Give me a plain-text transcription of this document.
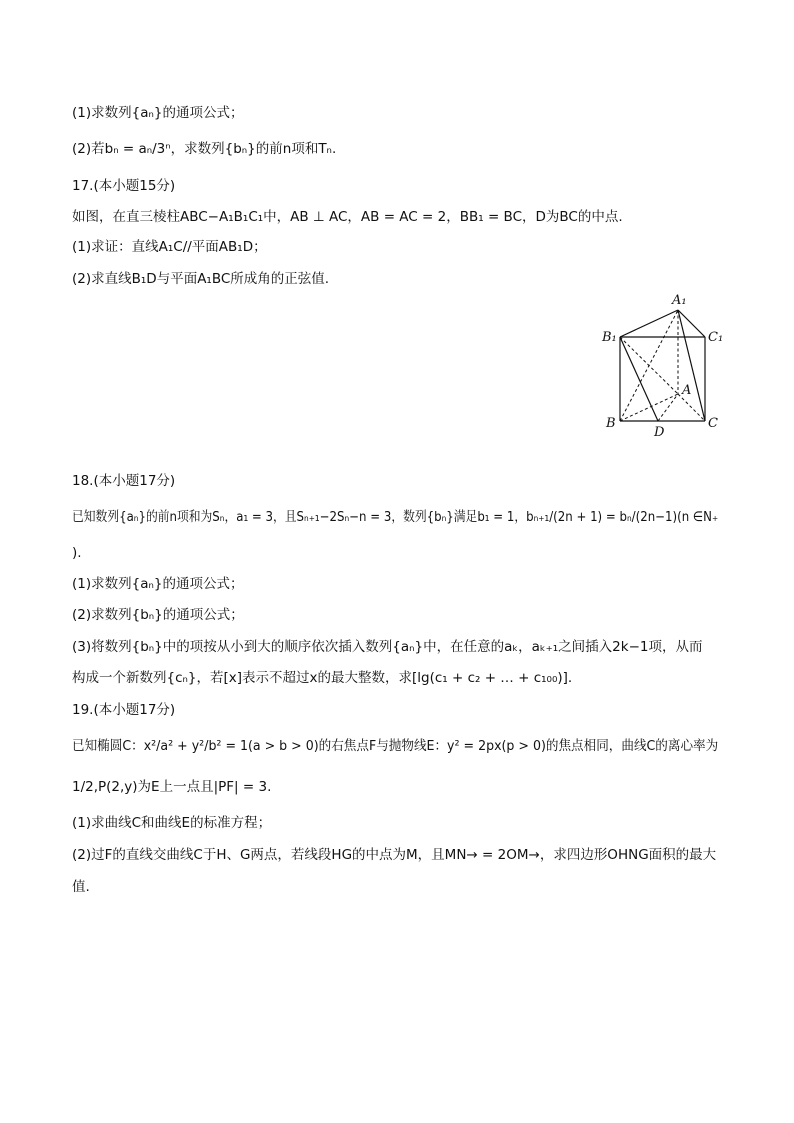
(1)求数列{aₙ}的通项公式；
(2)若bₙ = aₙ/3ⁿ，求数列{bₙ}的前n项和Tₙ.
17.(本小题15分)
如图，在直三棱柱ABC−A₁B₁C₁中，AB ⊥ AC，AB = AC = 2，BB₁ = BC，D为BC的中点.
(1)求证：直线A₁C//平面AB₁D；
(2)求直线B₁D与平面A₁BC所成角的正弦值.
A₁
B₁	C₁
A
B	C
D
18.(本小题17分)
已知数列{aₙ}的前n项和为Sₙ，a₁ = 3，且Sₙ₊₁−2Sₙ−n = 3，数列{bₙ}满足b₁ = 1，bₙ₊₁/(2n + 1) = bₙ/(2n−1)(n ∈N₊
).
(1)求数列{aₙ}的通项公式；
(2)求数列{bₙ}的通项公式；
(3)将数列{bₙ}中的项按从小到大的顺序依次插入数列{aₙ}中，在任意的aₖ，aₖ₊₁之间插入2k−1项，从而
构成一个新数列{cₙ}，若[x]表示不超过x的最大整数，求[lg(c₁ + c₂ + … + c₁₀₀)].
19.(本小题17分)
已知椭圆C：x²/a² + y²/b² = 1(a > b > 0)的右焦点F与抛物线E：y² = 2px(p > 0)的焦点相同，曲线C的离心率为
1/2,P(2,y)为E上一点且|PF| = 3.
(1)求曲线C和曲线E的标准方程；
(2)过F的直线交曲线C于H、G两点，若线段HG的中点为M，且MN→ = 2OM→，求四边形OHNG面积的最大
值.
